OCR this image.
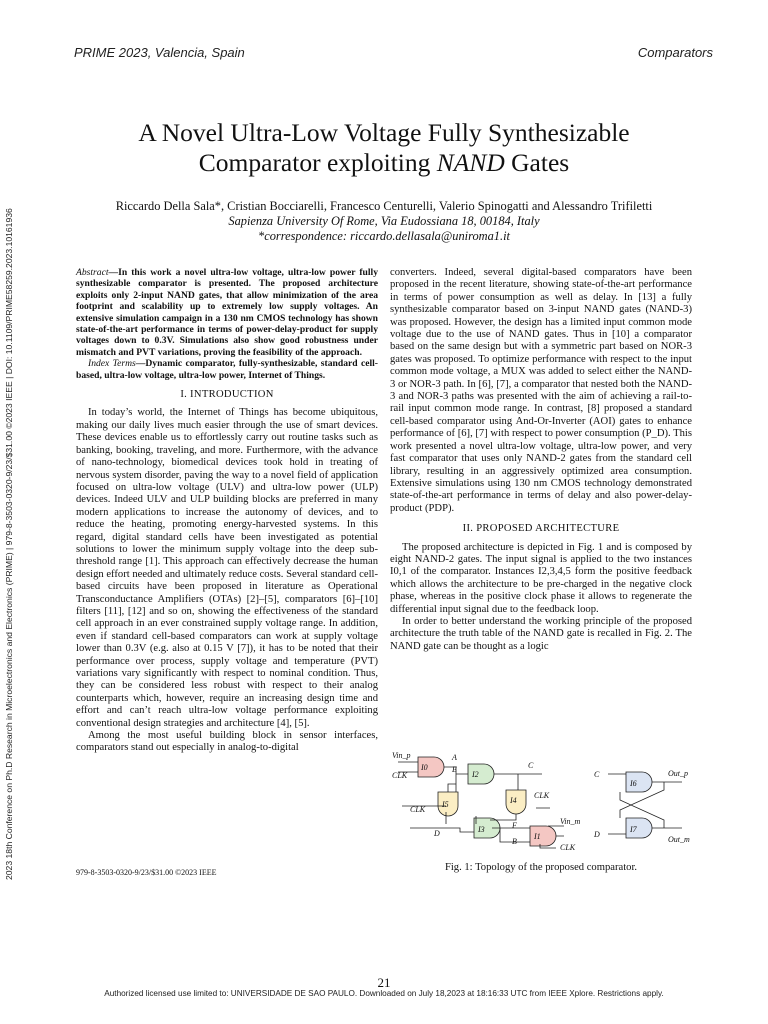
PRIME 2023, Valencia, Spain	Comparators
2023 18th Conference on Ph.D Research in Microelectronics and Electronics (PRIME) | 979-8-3503-0320-9/23/$31.00 ©2023 IEEE | DOI: 10.1109/PRIME58259.2023.10161936
A Novel Ultra-Low Voltage Fully Synthesizable
Comparator exploiting NAND Gates
Riccardo Della Sala*, Cristian Bocciarelli, Francesco Centurelli, Valerio Spinogatti and Alessandro Trifiletti
Sapienza University Of Rome, Via Eudossiana 18, 00184, Italy
*correspondence: riccardo.dellasala@uniroma1.it

Abstract—In this work a novel ultra-low voltage, ultra-low power fully synthesizable comparator is presented. The proposed architecture exploits only 2-input NAND gates, that allow minimization of the area footprint and scalability up to extremely low supply voltages. An extensive simulation campaign in a 130 nm CMOS technology has shown state-of-the-art performance in terms of power-delay-product for supply voltages down to 0.3V. Simulations also show good robustness under mismatch and PVT variations, proving the feasibility of the approach.

Index Terms—Dynamic comparator, fully-synthesizable, standard cell-based, ultra-low voltage, ultra-low power, Internet of Things.

I. INTRODUCTION

In today’s world, the Internet of Things has become ubiquitous, making our daily lives much easier through the use of smart devices. These devices enable us to effortlessly carry out routine tasks such as banking, booking, traveling, and more. Furthermore, with the advance of nano-technology, biomedical devices took hold in treating of nervous system disorder, paving the way to a novel field of application focused on ultra-low voltage (ULV) and ultra-low power (ULP) devices. Indeed ULV and ULP building blocks are preferred in many modern applications to increase the autonomy of devices, and to reduce the heating, promoting energy-harvested systems. In this regard, digital standard cells have been investigated as potential solutions to lower the minimum supply voltage into the deep sub-threshold range [1]. This approach can effectively decrease the human design effort needed and ultimately reduce costs. Several standard cell-based circuits have been proposed in literature as Operational Transconductance Amplifiers (OTAs) [2]–[5], comparators [6]–[10] filters [11], [12] and so on, showing the effectiveness of the standard cell approach in an ever constrained supply voltage range. In addition, even if standard cell-based comparators can work at supply voltage lower than 0.3V (e.g. also at 0.15 V [7]), it has to be noted that their performance over process, supply voltage and temperature (PVT) variations vary significantly with respect to nominal condition. Thus, they can be considered less robust with respect to their analog counterparts which, however, require an increasing design time and effort and can’t reach ultra-low voltage performance exploiting conventional design strategies and architecture [4], [5].

Among the most useful building block in sensor interfaces, comparators stand out especially in analog-to-digital

979-8-3503-0320-9/23/$31.00 ©2023 IEEE

converters. Indeed, several digital-based comparators have been proposed in the recent literature, showing state-of-the-art performance in terms of power consumption as well as delay. In [13] a fully synthesizable comparator based on 3-input NAND gates (NAND-3) was proposed. However, the design has a limited input common mode voltage due to the use of NAND gates. Thus in [10] a comparator based on the same design but with a symmetric part based on NOR-3 gates was proposed. To optimize performance with respect to the input common mode voltage, a MUX was added to select either the NAND-3 or NOR-3 path. In [6], [7], a comparator that nested both the NAND-3 and NOR-3 paths was presented with the aim of achieving a rail-to-rail input common mode range. In contrast, [8] proposed a standard cell-based comparator using And-Or-Inverter (AOI) gates to enhance performance of [6], [7] with respect to power consumption (P_D). This work presented a novel ultra-low voltage, ultra-low power, and very fast comparator that uses only NAND-2 gates from the standard cell library, resulting in an aggressively optimized area consumption. Extensive simulations using 130 nm CMOS technology demonstrated state-of-the-art performance in terms of delay and also power-delay-product (PDP).

II. PROPOSED ARCHITECTURE

The proposed architecture is depicted in Fig. 1 and is composed by eight NAND-2 gates. The input signal is applied to the two instances I0,1 of the comparator. Instances I2,3,4,5 form the positive feedback which allows the architecture to be pre-charged in the negative clock phase, whereas in the positive clock phase it allows to regenerate the differential input signal due to the feedback loop.

In order to better understand the working principle of the proposed architecture the truth table of the NAND gate is recalled in Fig. 2. The NAND gate can be thought as a logic

Vin_p
CLK
I0
A
E
I2
C
CLK
CLK
I5	I4
D	I3	F
B
I1
Vin_m
CLK
C
D
I6
I7
Out_p
Out_m
Fig. 1: Topology of the proposed comparator.
21
Authorized licensed use limited to: UNIVERSIDADE DE SAO PAULO. Downloaded on July 18,2023 at 18:16:33 UTC from IEEE Xplore. Restrictions apply.
